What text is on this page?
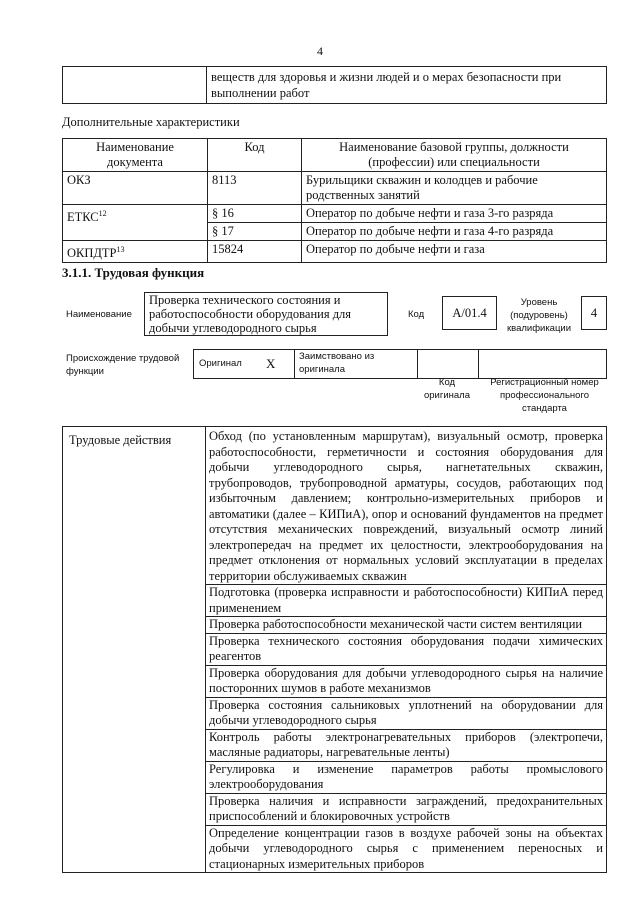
4
	веществ для здоровья и жизни людей и о мерах безопасности при выполнении работ
Дополнительные характеристики
Наименование документа	Код	Наименование базовой группы, должности (профессии) или специальности
ОКЗ	8113	Бурильщики скважин и колодцев и рабочие родственных занятий
ЕТКС$^{12}$	§ 16	Оператор по добыче нефти и газа 3-го разряда
	§ 17	Оператор по добыче нефти и газа 4-го разряда
ОКПДТР$^{13}$	15824	Оператор по добыче нефти и газа
3.1.1. Трудовая функция
Наименование
Проверка технического состояния и работоспособности оборудования для добычи углеводородного сырья
Код	А/01.4
Уровень (подуровень) квалификации
4
Происхождение трудовой функции
Оригинал X Заимствовано из оригинала
Код оригинала
Регистрационный номер профессионального стандарта
Трудовые действия	Обход (по установленным маршрутам), визуальный осмотр, проверка работоспособности, герметичности и состояния оборудования для добычи углеводородного сырья, нагнетательных скважин, трубопроводов, трубопроводной арматуры, сосудов, работающих под избыточным давлением; контрольно-измерительных приборов и автоматики (далее – КИПиА), опор и оснований фундаментов на предмет отсутствия механических повреждений, визуальный осмотр линий электропередач на предмет их целостности, электрооборудования на предмет отклонения от нормальных условий эксплуатации в пределах территории обслуживаемых скважин
Подготовка (проверка исправности и работоспособности) КИПиА перед применением
Проверка работоспособности механической части систем вентиляции
Проверка технического состояния оборудования подачи химических реагентов
Проверка оборудования для добычи углеводородного сырья на наличие посторонних шумов в работе механизмов
Проверка состояния сальниковых уплотнений на оборудовании для добычи углеводородного сырья
Контроль работы электронагревательных приборов (электропечи, масляные радиаторы, нагревательные ленты)
Регулировка и изменение параметров работы промыслового электрооборудования
Проверка наличия и исправности заграждений, предохранительных приспособлений и блокировочных устройств
Определение концентрации газов в воздухе рабочей зоны на объектах добычи углеводородного сырья с применением переносных и стационарных измерительных приборов
